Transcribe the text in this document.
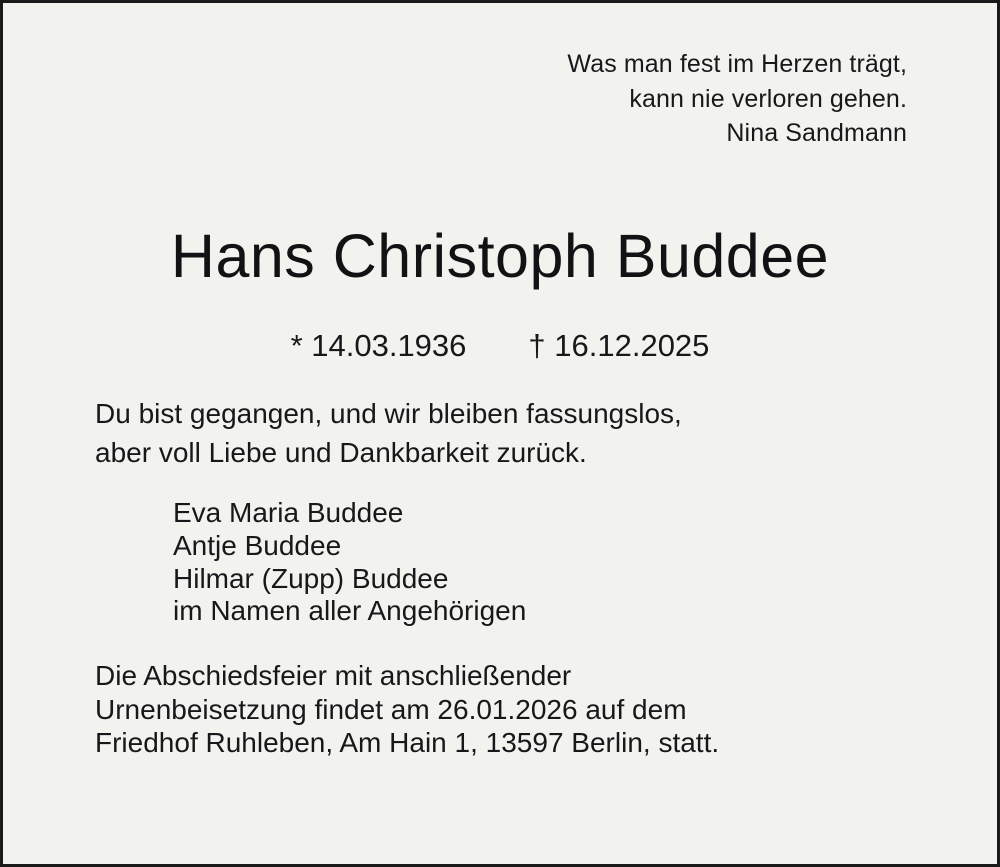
Was man fest im Herzen trägt,
kann nie verloren gehen.
Nina Sandmann
Hans Christoph Buddee
* 14.03.1936 † 16.12.2025
Du bist gegangen, und wir bleiben fassungslos,
aber voll Liebe und Dankbarkeit zurück.
Eva Maria Buddee
Antje Buddee
Hilmar (Zupp) Buddee
im Namen aller Angehörigen
Die Abschiedsfeier mit anschließender
Urnenbeisetzung findet am 26.01.2026 auf dem
Friedhof Ruhleben, Am Hain 1, 13597 Berlin, statt.
